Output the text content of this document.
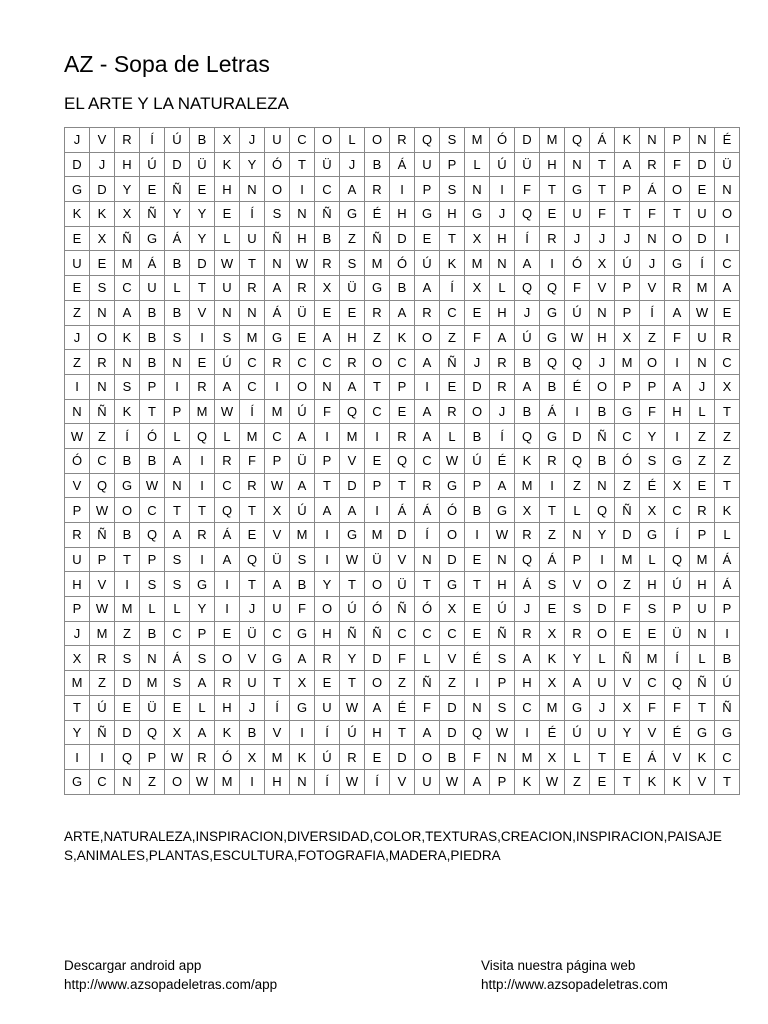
AZ - Sopa de Letras
EL ARTE Y LA NATURALEZA
J	V	R	Í	Ú	B	X	J	U	C	O	L	O	R	Q	S	M	Ó	D	M	Q	Á	K	N	P	N	É
D	J	H	Ú	D	Ü	K	Y	Ó	T	Ü	J	B	Á	U	P	L	Ú	Ü	H	N	T	A	R	F	D	Ü
G	D	Y	E	Ñ	E	H	N	O	I	C	A	R	I	P	S	N	I	F	T	G	T	P	Á	O	E	N
K	K	X	Ñ	Y	Y	E	Í	S	N	Ñ	G	É	H	G	H	G	J	Q	E	U	F	T	F	T	U	O
E	X	Ñ	G	Á	Y	L	U	Ñ	H	B	Z	Ñ	D	E	T	X	H	Í	R	J	J	J	N	O	D	I
U	E	M	Á	B	D	W	T	N	W	R	S	M	Ó	Ú	K	M	N	A	I	Ó	X	Ú	J	G	Í	C
E	S	C	U	L	T	U	R	A	R	X	Ü	G	B	A	Í	X	L	Q	Q	F	V	P	V	R	M	A
Z	N	A	B	B	V	N	N	Á	Ü	E	E	R	A	R	C	E	H	J	G	Ú	N	P	Í	A	W	E
J	O	K	B	S	I	S	M	G	E	A	H	Z	K	O	Z	F	A	Ú	G	W	H	X	Z	F	U	R
Z	R	N	B	N	E	Ú	C	R	C	C	R	O	C	A	Ñ	J	R	B	Q	Q	J	M	O	I	N	C
I	N	S	P	I	R	A	C	I	O	N	A	T	P	I	E	D	R	A	B	É	O	P	P	A	J	X
N	Ñ	K	T	P	M	W	Í	M	Ú	F	Q	C	E	A	R	O	J	B	Á	I	B	G	F	H	L	T
W	Z	Í	Ó	L	Q	L	M	C	A	I	M	I	R	A	L	B	Í	Q	G	D	Ñ	C	Y	I	Z	Z
Ó	C	B	B	A	I	R	F	P	Ü	P	V	E	Q	C	W	Ú	É	K	R	Q	B	Ó	S	G	Z	Z
V	Q	G	W	N	I	C	R	W	A	T	D	P	T	R	G	P	A	M	I	Z	N	Z	É	X	E	T
P	W	O	C	T	T	Q	T	X	Ú	A	A	I	Á	Á	Ó	B	G	X	T	L	Q	Ñ	X	C	R	K
R	Ñ	B	Q	A	R	Á	E	V	M	I	G	M	D	Í	O	I	W	R	Z	N	Y	D	G	Í	P	L
U	P	T	P	S	I	A	Q	Ü	S	I	W	Ü	V	N	D	E	N	Q	Á	P	I	M	L	Q	M	Á
H	V	I	S	S	G	I	T	A	B	Y	T	O	Ü	T	G	T	H	Á	S	V	O	Z	H	Ú	H	Á
P	W	M	L	L	Y	I	J	U	F	O	Ú	Ó	Ñ	Ó	X	E	Ú	J	E	S	D	F	S	P	U	P
J	M	Z	B	C	P	E	Ü	C	G	H	Ñ	Ñ	C	C	C	E	Ñ	R	X	R	O	E	E	Ü	N	I
X	R	S	N	Á	S	O	V	G	A	R	Y	D	F	L	V	É	S	A	K	Y	L	Ñ	M	Í	L	B
M	Z	D	M	S	A	R	U	T	X	E	T	O	Z	Ñ	Z	I	P	H	X	A	U	V	C	Q	Ñ	Ú
T	Ú	E	Ü	E	L	H	J	Í	G	U	W	A	É	F	D	N	S	C	M	G	J	X	F	F	T	Ñ
Y	Ñ	D	Q	X	A	K	B	V	I	Í	Ú	H	T	A	D	Q	W	I	É	Ú	U	Y	V	É	G	G
I	I	Q	P	W	R	Ó	X	M	K	Ú	R	E	D	O	B	F	N	M	X	L	T	E	Á	V	K	C
G	C	N	Z	O	W	M	I	H	N	Í	W	Í	V	U	W	A	P	K	W	Z	E	T	K	K	V	T
ARTE,NATURALEZA,INSPIRACION,DIVERSIDAD,COLOR,TEXTURAS,CREACION,INSPIRACION,PAISAJES,ANIMALES,PLANTAS,ESCULTURA,FOTOGRAFIA,MADERA,PIEDRA
Descargar android app
http://www.azsopadeletras.com/app
Visita nuestra página web
http://www.azsopadeletras.com
